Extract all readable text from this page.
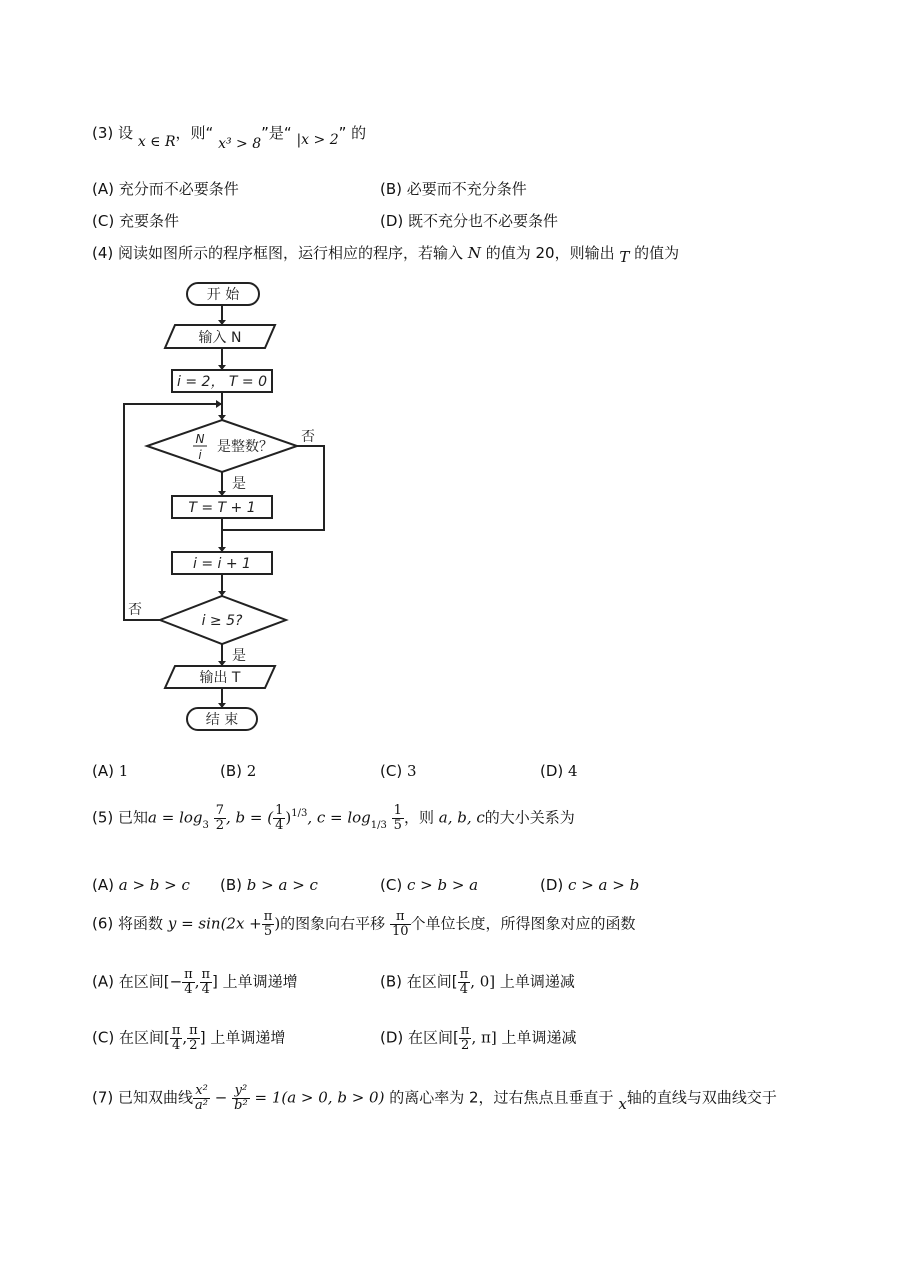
(3) 设 x ∈ R，则“ x³ > 8”是“ |x > 2” 的
(A) 充分而不必要条件	(B) 必要而不充分条件
(C) 充要条件	(D) 既不充分也不必要条件
(4) 阅读如图所示的程序框图，运行相应的程序，若输入 N 的值为 20，则输出 T 的值为
开 始
输入 N
i = 2， T = 0
N
i 是整数？
否
是
T = T + 1
i = i + 1
i ≥ 5?
否
是
输出 T
结 束
(A) 1	(B) 2	(C) 3	(D) 4
(5) 已知$a = \log_3 \frac{7}{2}$ , b = ( $\frac{1}{4} )^{1/3}$, $c = \log_{1/3} \frac{1}{5}$ ，则 a, b, c的大小关系为
(A) a > b > c (B) b > a > c	(C) c > b > a	(D) c > a > b
(6) 将函数 $y = \sin(2x + \frac{\pi}{5}$ )的图象向右平移 $\frac{\pi}{10}$ 个单位长度，所得图象对应的函数
(A) 在区间[− $\frac{\pi}{4}$ , $\frac{\pi}{4}$ ] 上单调递增	(B) 在区间[ $\frac{\pi}{4}$ , 0] 上单调递减
(C) 在区间[ $\frac{\pi}{4}$ , $\frac{\pi}{2}$ ] 上单调递增	(D) 在区间[ $\frac{\pi}{2}$ , π] 上单调递减
(7) 已知双曲线 $\frac{\text{x²}}{\text{a²}} - \frac{\text{y²}}{\text{b²}} = 1(a > 0$, b > 0) 的离心率为 2，过右焦点且垂直于 x轴的直线与双曲线交于
